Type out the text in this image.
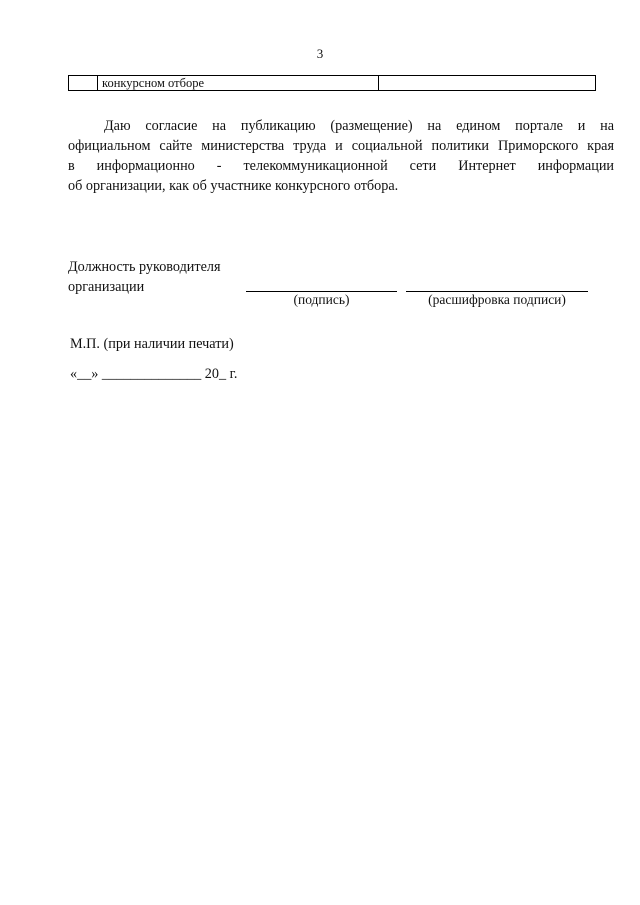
3
	конкурсном отборе	
Даю согласие на публикацию (размещение) на едином портале и на
официальном сайте министерства труда и социальной политики Приморского края
в информационно - телекоммуникационной сети Интернет информации
об организации, как об участнике конкурсного отбора.
Должность руководителя
организации
(подпись)	(расшифровка подписи)
М.П. (при наличии печати)
«__» ______________ 20_ г.
